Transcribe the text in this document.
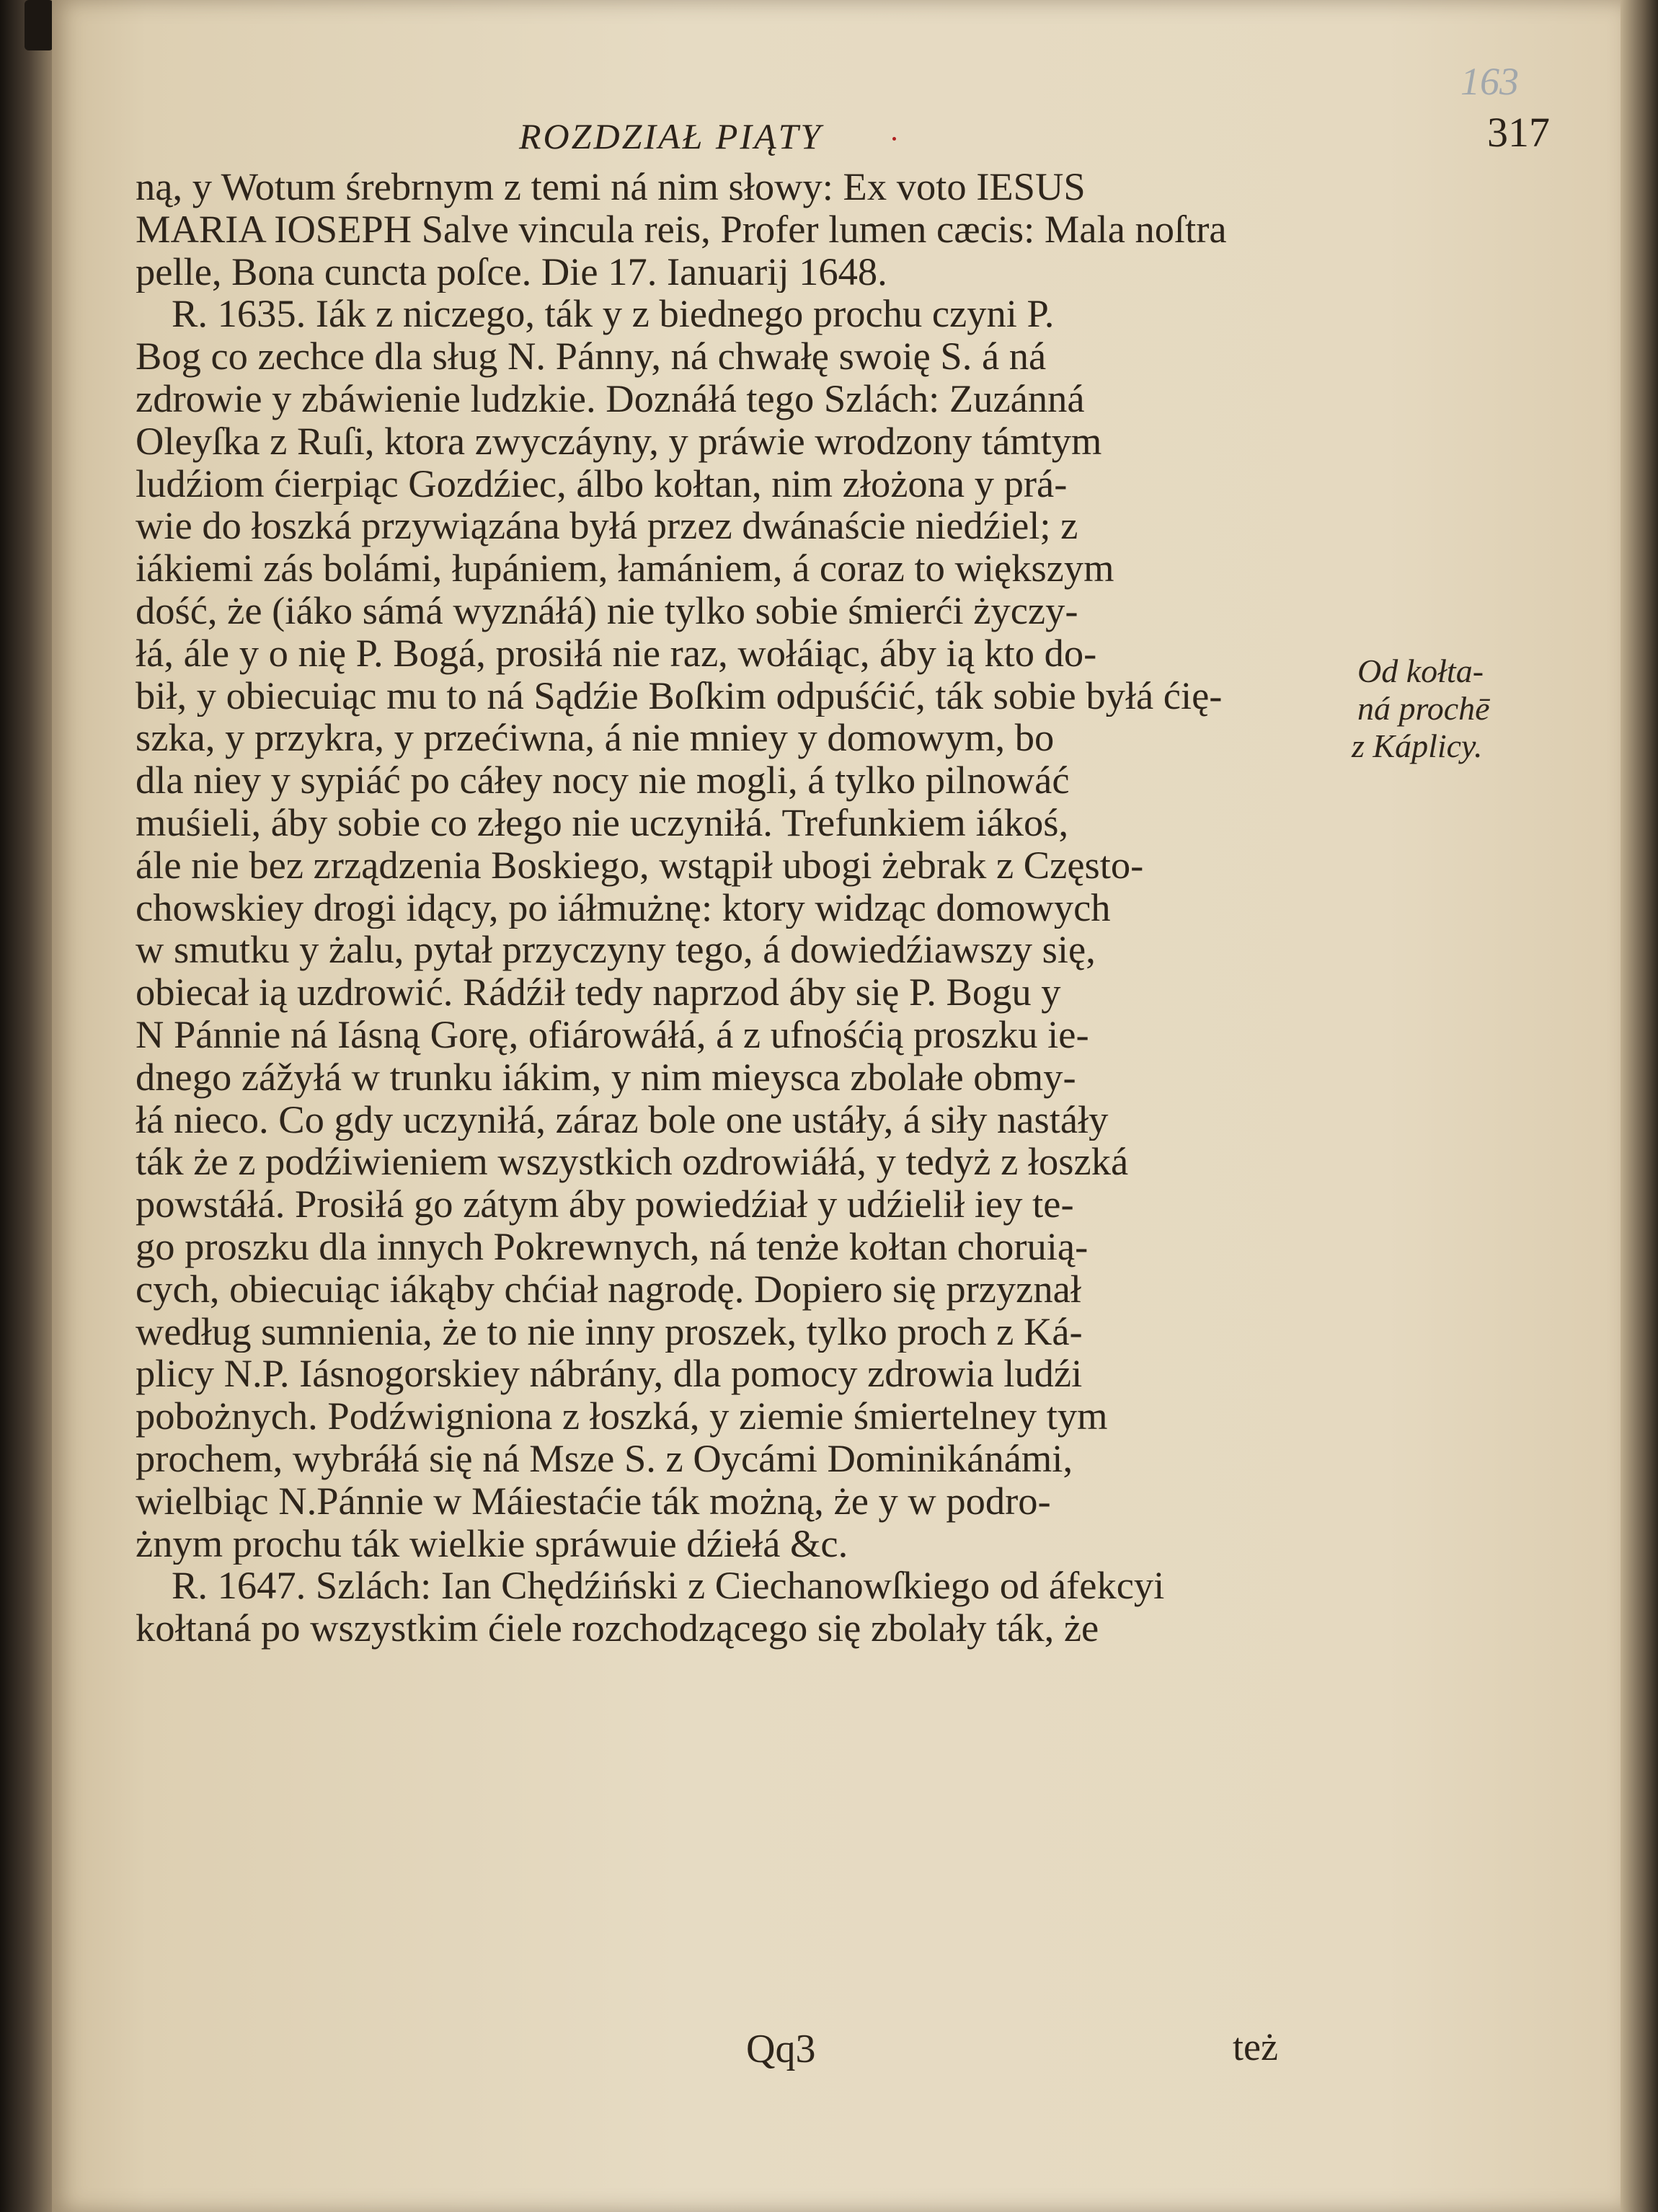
163
ROZDZIAŁ PIĄTY	317
ną, y Wotum śrebrnym z temi ná nim słowy: Ex voto IESUS
MARIA IOSEPH Salve vincula reis, Profer lumen cæcis: Mala noſtra
pelle, Bona cuncta poſce. Die 17. Ianuarij 1648.
R. 1635. Iák z niczego, ták y z biednego prochu czyni P.
Bog co zechce dla sług N. Pánny, ná chwałę swoię S. á ná
zdrowie y zbáwienie ludzkie. Doznáłá tego Szlách: Zuzánná
Oleyſka z Ruſi, ktora zwyczáyny, y práwie wrodzony támtym
ludźiom ćierpiąc Gozdźiec, álbo kołtan, nim złożona y prá-
wie do łoszká przywiązána byłá przez dwánaście niedźiel; z
iákiemi zás bolámi, łupániem, łamániem, á coraz to większym
dość, że (iáko sámá wyznáłá) nie tylko sobie śmierći życzy-
łá, ále y o nię P. Bogá, prosiłá nie raz, wołáiąc, áby ią kto do-
bił, y obiecuiąc mu to ná Sądźie Boſkim odpuśćić, ták sobie byłá ćię-
szka, y przykra, y przećiwna, á nie mniey y domowym, bo
dla niey y sypiáć po cáłey nocy nie mogli, á tylko pilnowáć
muśieli, áby sobie co złego nie uczyniłá. Trefunkiem iákoś,
ále nie bez zrządzenia Boskiego, wstąpił ubogi żebrak z Często-
chowskiey drogi idący, po iáłmużnę: ktory widząc domowych
w smutku y żalu, pytał przyczyny tego, á dowiedźiawszy się,
obiecał ią uzdrowić. Rádźił tedy naprzod áby się P. Bogu y
N Pánnie ná Iásną Gorę, ofiárowáłá, á z ufnośćią proszku ie-
dnego zážyłá w trunku iákim, y nim mieysca zbolałe obmy-
łá nieco. Co gdy uczyniłá, záraz bole one ustáły, á siły nastáły
ták że z podźiwieniem wszystkich ozdrowiáłá, y tedyż z łoszká
powstáłá. Prosiłá go zátym áby powiedźiał y udźielił iey te-
go proszku dla innych Pokrewnych, ná tenże kołtan choruią-
cych, obiecuiąc iákąby chćiał nagrodę. Dopiero się przyznał
według sumnienia, że to nie inny proszek, tylko proch z Ká-
plicy N.P. Iásnogorskiey nábrány, dla pomocy zdrowia ludźi
pobożnych. Podźwigniona z łoszká, y ziemie śmiertelney tym
prochem, wybráłá się ná Msze S. z Oycámi Dominikánámi,
wielbiąc N.Pánnie w Máiestaćie ták możną, że y w podro-
żnym prochu ták wielkie spráwuie dźiełá &c.
R. 1647. Szlách: Ian Chędźiński z Ciechanowſkiego od áfekcyi
kołtaná po wszystkim ćiele rozchodzącego się zbolały ták, że
Od kołta-
ná prochē
z Káplicy.
Qq3	też
